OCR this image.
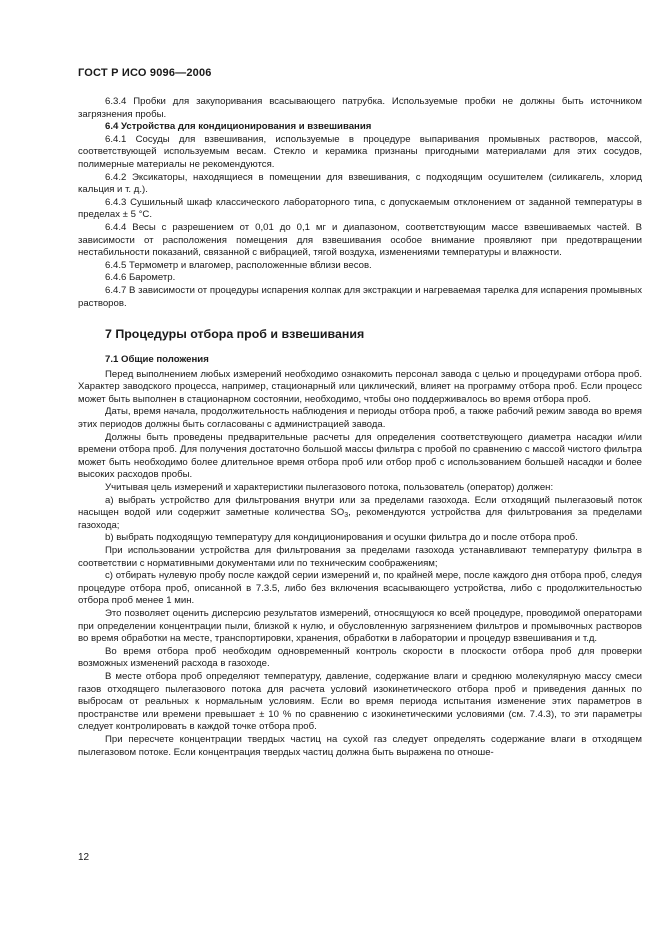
ГОСТ Р ИСО 9096—2006

6.3.4 Пробки для закупоривания всасывающего патрубка. Используемые пробки не должны быть источником загрязнения пробы.

6.4 Устройства для кондиционирования и взвешивания

6.4.1 Сосуды для взвешивания, используемые в процедуре выпаривания промывных растворов, массой, соответствующей используемым весам. Стекло и керамика признаны пригодными материалами для этих сосудов, полимерные материалы не рекомендуются.

6.4.2 Эксикаторы, находящиеся в помещении для взвешивания, с подходящим осушителем (силикагель, хлорид кальция и т. д.).

6.4.3 Сушильный шкаф классического лабораторного типа, с допускаемым отклонением от заданной температуры в пределах ± 5 °С.

6.4.4 Весы с разрешением от 0,01 до 0,1 мг и диапазоном, соответствующим массе взвешиваемых частей. В зависимости от расположения помещения для взвешивания особое внимание проявляют при предотвращении нестабильности показаний, связанной с вибрацией, тягой воздуха, изменениями температуры и влажности.

6.4.5 Термометр и влагомер, расположенные вблизи весов.

6.4.6 Барометр.

6.4.7 В зависимости от процедуры испарения колпак для экстракции и нагреваемая тарелка для испарения промывных растворов.

7 Процедуры отбора проб и взвешивания

7.1 Общие положения

Перед выполнением любых измерений необходимо ознакомить персонал завода с целью и процедурами отбора проб. Характер заводского процесса, например, стационарный или циклический, влияет на программу отбора проб. Если процесс может быть выполнен в стационарном состоянии, необходимо, чтобы оно поддерживалось во время отбора проб.

Даты, время начала, продолжительность наблюдения и периоды отбора проб, а также рабочий режим завода во время этих периодов должны быть согласованы с администрацией завода.

Должны быть проведены предварительные расчеты для определения соответствующего диаметра насадки и/или времени отбора проб. Для получения достаточно большой массы фильтра с пробой по сравнению с массой чистого фильтра может быть необходимо более длительное время отбора проб или отбор проб с использованием большей насадки и более высоких расходов пробы.

Учитывая цель измерений и характеристики пылегазового потока, пользователь (оператор) должен:

а) выбрать устройство для фильтрования внутри или за пределами газохода. Если отходящий пылегазовый поток насыщен водой или содержит заметные количества $SO_3$, рекомендуются устройства для фильтрования за пределами газохода;

b) выбрать подходящую температуру для кондиционирования и осушки фильтра до и после отбора проб.

При использовании устройства для фильтрования за пределами газохода устанавливают температуру фильтра в соответствии с нормативными документами или по техническим соображениям;

с) отбирать нулевую пробу после каждой серии измерений и, по крайней мере, после каждого дня отбора проб, следуя процедуре отбора проб, описанной в 7.3.5, либо без включения всасывающего устройства, либо с продолжительностью отбора проб менее 1 мин.

Это позволяет оценить дисперсию результатов измерений, относящуюся ко всей процедуре, проводимой операторами при определении концентрации пыли, близкой к нулю, и обусловленную загрязнением фильтров и промывочных растворов во время обработки на месте, транспортировки, хранения, обработки в лаборатории и процедур взвешивания и т.д.

Во время отбора проб необходим одновременный контроль скорости в плоскости отбора проб для проверки возможных изменений расхода в газоходе.

В месте отбора проб определяют температуру, давление, содержание влаги и среднюю молекулярную массу смеси газов отходящего пылегазового потока для расчета условий изокинетического отбора проб и приведения данных по выбросам от реальных к нормальным условиям. Если во время периода испытания изменение этих параметров в пространстве или времени превышает ± 10 % по сравнению с изокинетическими условиями (см. 7.4.3), то эти параметры следует контролировать в каждой точке отбора проб.

При пересчете концентрации твердых частиц на сухой газ следует определять содержание влаги в отходящем пылегазовом потоке. Если концентрация твердых частиц должна быть выражена по отноше-

12
